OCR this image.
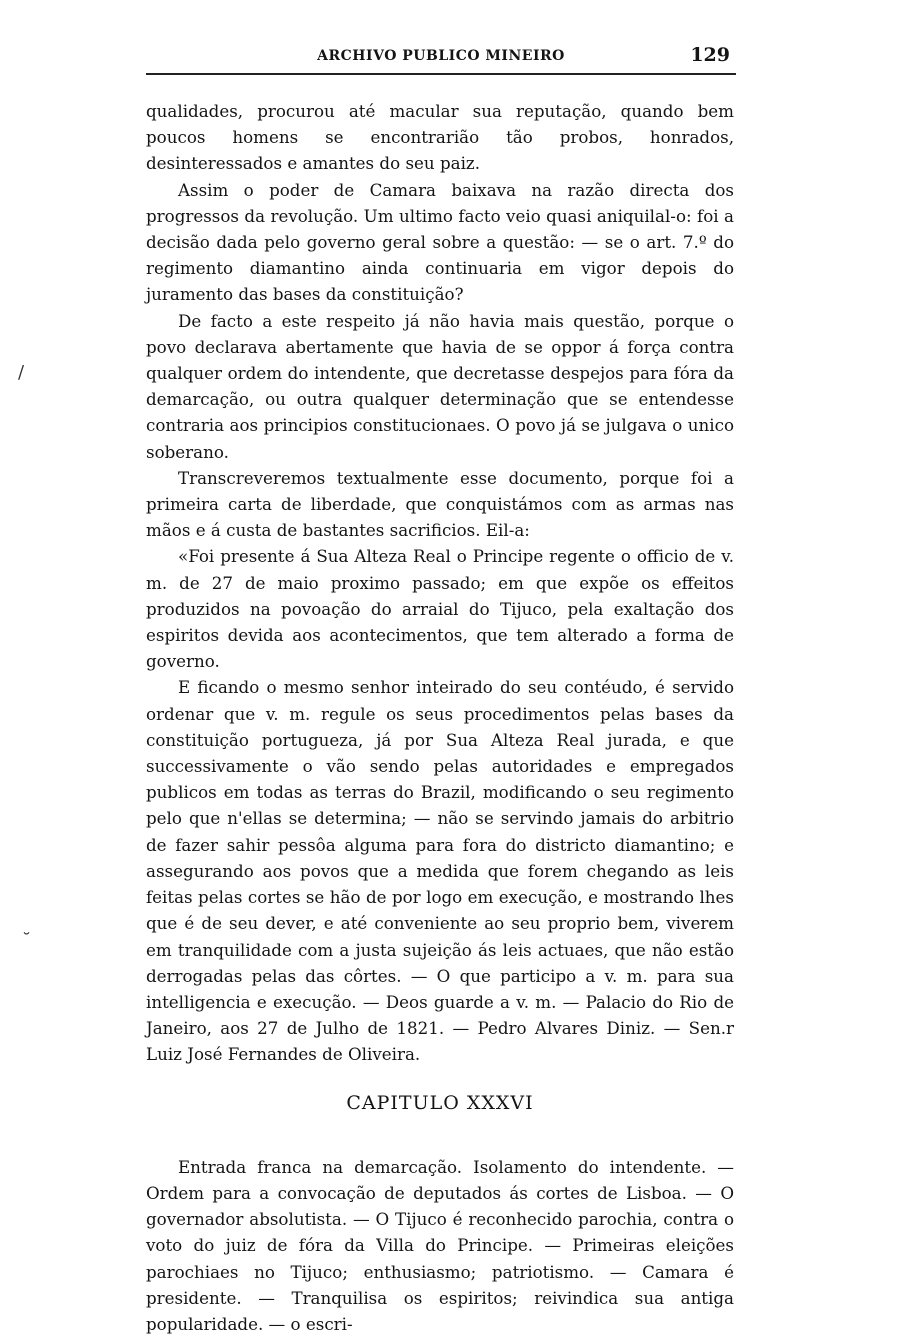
ARCHIVO PUBLICO MINEIRO	129
/
˘

qualidades, procurou até macular sua reputação, quando bem poucos homens se encontrarião tão probos, honrados, desinteressados e amantes do seu paiz.

Assim o poder de Camara baixava na razão directa dos progressos da revolução. Um ultimo facto veio quasi aniquilal-o: foi a decisão dada pelo governo geral sobre a questão: — se o art. 7.º do regimento diamantino ainda continuaria em vigor depois do juramento das bases da constituição?

De facto a este respeito já não havia mais questão, porque o povo declarava abertamente que havia de se oppor á força contra qualquer ordem do intendente, que decretasse despejos para fóra da demarcação, ou outra qualquer determinação que se entendesse contraria aos principios constitucionaes. O povo já se julgava o unico soberano.

Transcreveremos textualmente esse documento, porque foi a primeira carta de liberdade, que conquistámos com as armas nas mãos e á custa de bastantes sacrificios. Eil-a:

«Foi presente á Sua Alteza Real o Principe regente o officio de v. m. de 27 de maio proximo passado; em que expõe os effeitos produzidos na povoação do arraial do Tijuco, pela exaltação dos espiritos devida aos acontecimentos, que tem alterado a forma de governo.

E ficando o mesmo senhor inteirado do seu contéudo, é servido ordenar que v. m. regule os seus procedimentos pelas bases da constituição portugueza, já por Sua Alteza Real jurada, e que successivamente o vão sendo pelas autoridades e empregados publicos em todas as terras do Brazil, modificando o seu regimento pelo que n'ellas se determina; — não se servindo jamais do arbitrio de fazer sahir pessôa alguma para fora do districto diamantino; e assegurando aos povos que a medida que forem chegando as leis feitas pelas cortes se hão de por logo em execução, e mostrando lhes que é de seu dever, e até conveniente ao seu proprio bem, viverem em tranquilidade com a justa sujeição ás leis actuaes, que não estão derrogadas pelas das côrtes. — O que participo a v. m. para sua intelligencia e execução. — Deos guarde a v. m. — Palacio do Rio de Janeiro, aos 27 de Julho de 1821. — Pedro Alvares Diniz. — Sen.r Luiz José Fernandes de Oliveira.

CAPITULO XXXVI

Entrada franca na demarcação. Isolamento do intendente. — Ordem para a convocação de deputados ás cortes de Lisboa. — O governador absolutista. — O Tijuco é reconhecido parochia, contra o voto do juiz de fóra da Villa do Principe. — Primeiras eleições parochiaes no Tijuco; enthusiasmo; patriotismo. — Camara é presidente. — Tranquilisa os espiritos; reivindica sua antiga popularidade. — o escri-
